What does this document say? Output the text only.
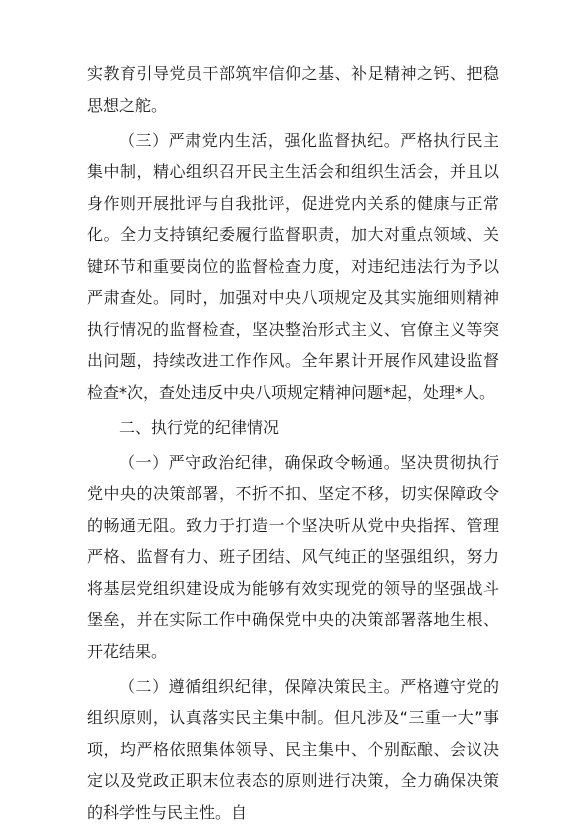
实教育引导党员干部筑牢信仰之基、补足精神之钙、把稳思想之舵。

（三）严肃党内生活，强化监督执纪。严格执行民主集中制，精心组织召开民主生活会和组织生活会，并且以身作则开展批评与自我批评，促进党内关系的健康与正常化。全力支持镇纪委履行监督职责，加大对重点领域、关键环节和重要岗位的监督检查力度，对违纪违法行为予以严肃查处。同时，加强对中央八项规定及其实施细则精神执行情况的监督检查，坚决整治形式主义、官僚主义等突出问题，持续改进工作作风。全年累计开展作风建设监督检查*次，查处违反中央八项规定精神问题*起，处理*人。

二、执行党的纪律情况

（一）严守政治纪律，确保政令畅通。坚决贯彻执行党中央的决策部署，不折不扣、坚定不移，切实保障政令的畅通无阻。致力于打造一个坚决听从党中央指挥、管理严格、监督有力、班子团结、风气纯正的坚强组织，努力将基层党组织建设成为能够有效实现党的领导的坚强战斗堡垒，并在实际工作中确保党中央的决策部署落地生根、开花结果。

（二）遵循组织纪律，保障决策民主。严格遵守党的组织原则，认真落实民主集中制。但凡涉及“三重一大”事项，均严格依照集体领导、民主集中、个别酝酿、会议决定以及党政正职末位表态的原则进行决策，全力确保决策的科学性与民主性。自
